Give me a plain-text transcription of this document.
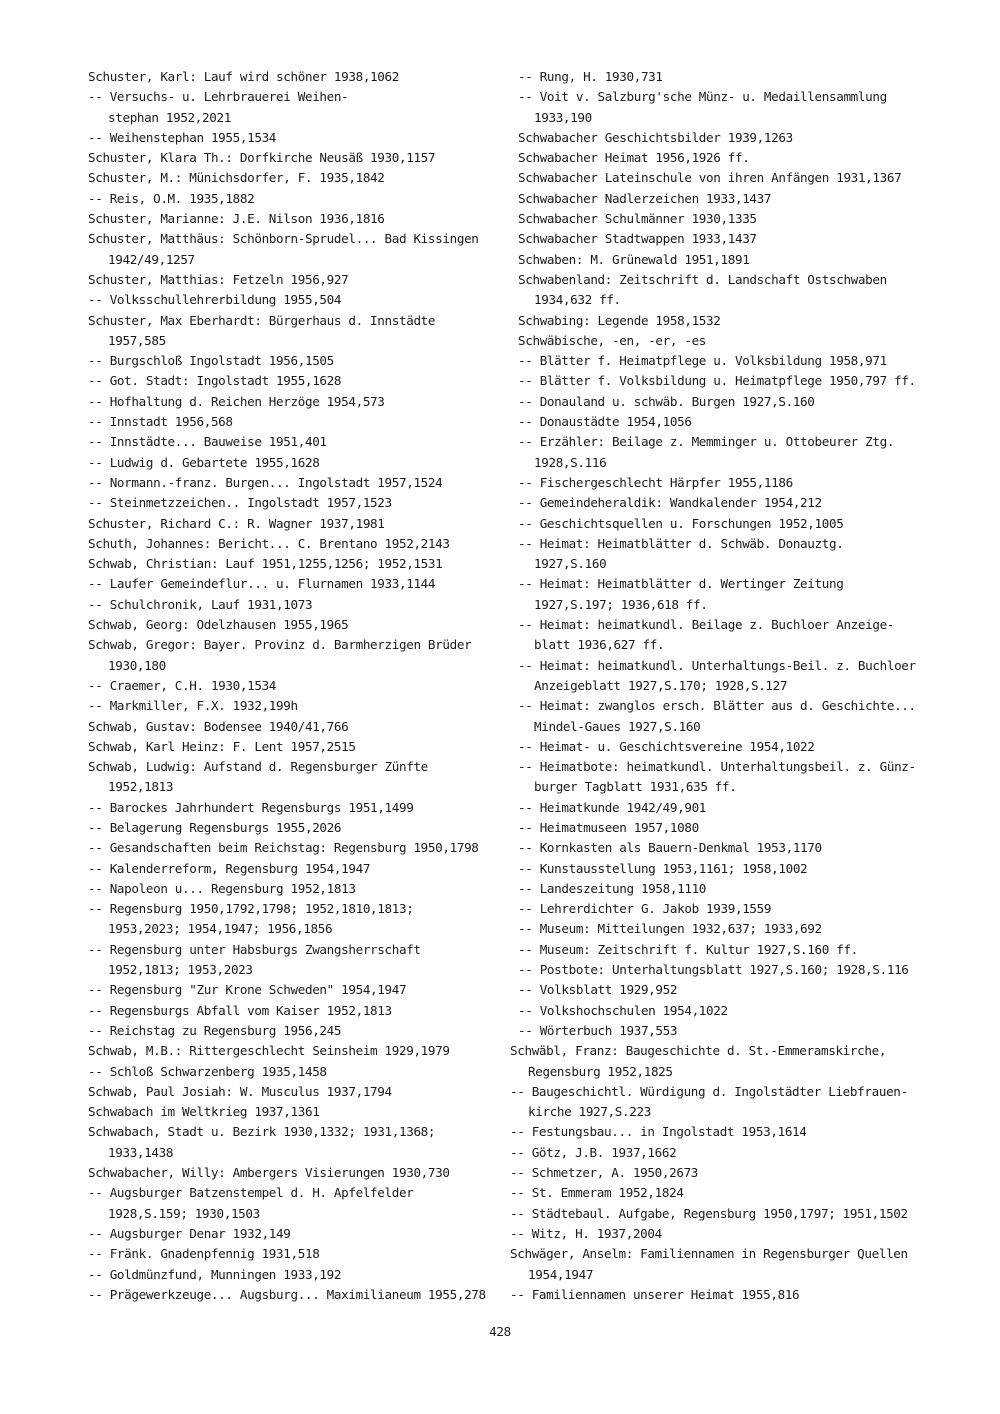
Schuster, Karl: Lauf wird schöner 1938,1062
-- Versuchs- u. Lehrbrauerei Weihen-
stephan 1952,2021
-- Weihenstephan 1955,1534
Schuster, Klara Th.: Dorfkirche Neusäß 1930,1157
Schuster, M.: Münichsdorfer, F. 1935,1842
-- Reis, O.M. 1935,1882
Schuster, Marianne: J.E. Nilson 1936,1816
Schuster, Matthäus: Schönborn-Sprudel... Bad Kissingen
1942/49,1257
Schuster, Matthias: Fetzeln 1956,927
-- Volksschullehrerbildung 1955,504
Schuster, Max Eberhardt: Bürgerhaus d. Innstädte
1957,585
-- Burgschloß Ingolstadt 1956,1505
-- Got. Stadt: Ingolstadt 1955,1628
-- Hofhaltung d. Reichen Herzöge 1954,573
-- Innstadt 1956,568
-- Innstädte... Bauweise 1951,401
-- Ludwig d. Gebartete 1955,1628
-- Normann.-franz. Burgen... Ingolstadt 1957,1524
-- Steinmetzzeichen.. Ingolstadt 1957,1523
Schuster, Richard C.: R. Wagner 1937,1981
Schuth, Johannes: Bericht... C. Brentano 1952,2143
Schwab, Christian: Lauf 1951,1255,1256; 1952,1531
-- Laufer Gemeindeflur... u. Flurnamen 1933,1144
-- Schulchronik, Lauf 1931,1073
Schwab, Georg: Odelzhausen 1955,1965
Schwab, Gregor: Bayer. Provinz d. Barmherzigen Brüder
1930,180
-- Craemer, C.H. 1930,1534
-- Markmiller, F.X. 1932,199h
Schwab, Gustav: Bodensee 1940/41,766
Schwab, Karl Heinz: F. Lent 1957,2515
Schwab, Ludwig: Aufstand d. Regensburger Zünfte
1952,1813
-- Barockes Jahrhundert Regensburgs 1951,1499
-- Belagerung Regensburgs 1955,2026
-- Gesandschaften beim Reichstag: Regensburg 1950,1798
-- Kalenderreform, Regensburg 1954,1947
-- Napoleon u... Regensburg 1952,1813
-- Regensburg 1950,1792,1798; 1952,1810,1813;
1953,2023; 1954,1947; 1956,1856
-- Regensburg unter Habsburgs Zwangsherrschaft
1952,1813; 1953,2023
-- Regensburg "Zur Krone Schweden" 1954,1947
-- Regensburgs Abfall vom Kaiser 1952,1813
-- Reichstag zu Regensburg 1956,245
Schwab, M.B.: Rittergeschlecht Seinsheim 1929,1979
-- Schloß Schwarzenberg 1935,1458
Schwab, Paul Josiah: W. Musculus 1937,1794
Schwabach im Weltkrieg 1937,1361
Schwabach, Stadt u. Bezirk 1930,1332; 1931,1368;
1933,1438
Schwabacher, Willy: Ambergers Visierungen 1930,730
-- Augsburger Batzenstempel d. H. Apfelfelder
1928,S.159; 1930,1503
-- Augsburger Denar 1932,149
-- Fränk. Gnadenpfennig 1931,518
-- Goldmünzfund, Munningen 1933,192
-- Prägewerkzeuge... Augsburg... Maximilianeum 1955,278
-- Rung, H. 1930,731
-- Voit v. Salzburg'sche Münz- u. Medaillensammlung
1933,190
Schwabacher Geschichtsbilder 1939,1263
Schwabacher Heimat 1956,1926 ff.
Schwabacher Lateinschule von ihren Anfängen 1931,1367
Schwabacher Nadlerzeichen 1933,1437
Schwabacher Schulmänner 1930,1335
Schwabacher Stadtwappen 1933,1437
Schwaben: M. Grünewald 1951,1891
Schwabenland: Zeitschrift d. Landschaft Ostschwaben
1934,632 ff.
Schwabing: Legende 1958,1532
Schwäbische, -en, -er, -es
-- Blätter f. Heimatpflege u. Volksbildung 1958,971
-- Blätter f. Volksbildung u. Heimatpflege 1950,797 ff.
-- Donauland u. schwäb. Burgen 1927,S.160
-- Donaustädte 1954,1056
-- Erzähler: Beilage z. Memminger u. Ottobeurer Ztg.
1928,S.116
-- Fischergeschlecht Härpfer 1955,1186
-- Gemeindeheraldik: Wandkalender 1954,212
-- Geschichtsquellen u. Forschungen 1952,1005
-- Heimat: Heimatblätter d. Schwäb. Donauztg.
1927,S.160
-- Heimat: Heimatblätter d. Wertinger Zeitung
1927,S.197; 1936,618 ff.
-- Heimat: heimatkundl. Beilage z. Buchloer Anzeige-
blatt 1936,627 ff.
-- Heimat: heimatkundl. Unterhaltungs-Beil. z. Buchloer
Anzeigeblatt 1927,S.170; 1928,S.127
-- Heimat: zwanglos ersch. Blätter aus d. Geschichte...
Mindel-Gaues 1927,S.160
-- Heimat- u. Geschichtsvereine 1954,1022
-- Heimatbote: heimatkundl. Unterhaltungsbeil. z. Günz-
burger Tagblatt 1931,635 ff.
-- Heimatkunde 1942/49,901
-- Heimatmuseen 1957,1080
-- Kornkasten als Bauern-Denkmal 1953,1170
-- Kunstausstellung 1953,1161; 1958,1002
-- Landeszeitung 1958,1110
-- Lehrerdichter G. Jakob 1939,1559
-- Museum: Mitteilungen 1932,637; 1933,692
-- Museum: Zeitschrift f. Kultur 1927,S.160 ff.
-- Postbote: Unterhaltungsblatt 1927,S.160; 1928,S.116
-- Volksblatt 1929,952
-- Volkshochschulen 1954,1022
-- Wörterbuch 1937,553
Schwäbl, Franz: Baugeschichte d. St.-Emmeramskirche,
Regensburg 1952,1825
-- Baugeschichtl. Würdigung d. Ingolstädter Liebfrauen-
kirche 1927,S.223
-- Festungsbau... in Ingolstadt 1953,1614
-- Götz, J.B. 1937,1662
-- Schmetzer, A. 1950,2673
-- St. Emmeram 1952,1824
-- Städtebaul. Aufgabe, Regensburg 1950,1797; 1951,1502
-- Witz, H. 1937,2004
Schwäger, Anselm: Familiennamen in Regensburger Quellen
1954,1947
-- Familiennamen unserer Heimat 1955,816
428
